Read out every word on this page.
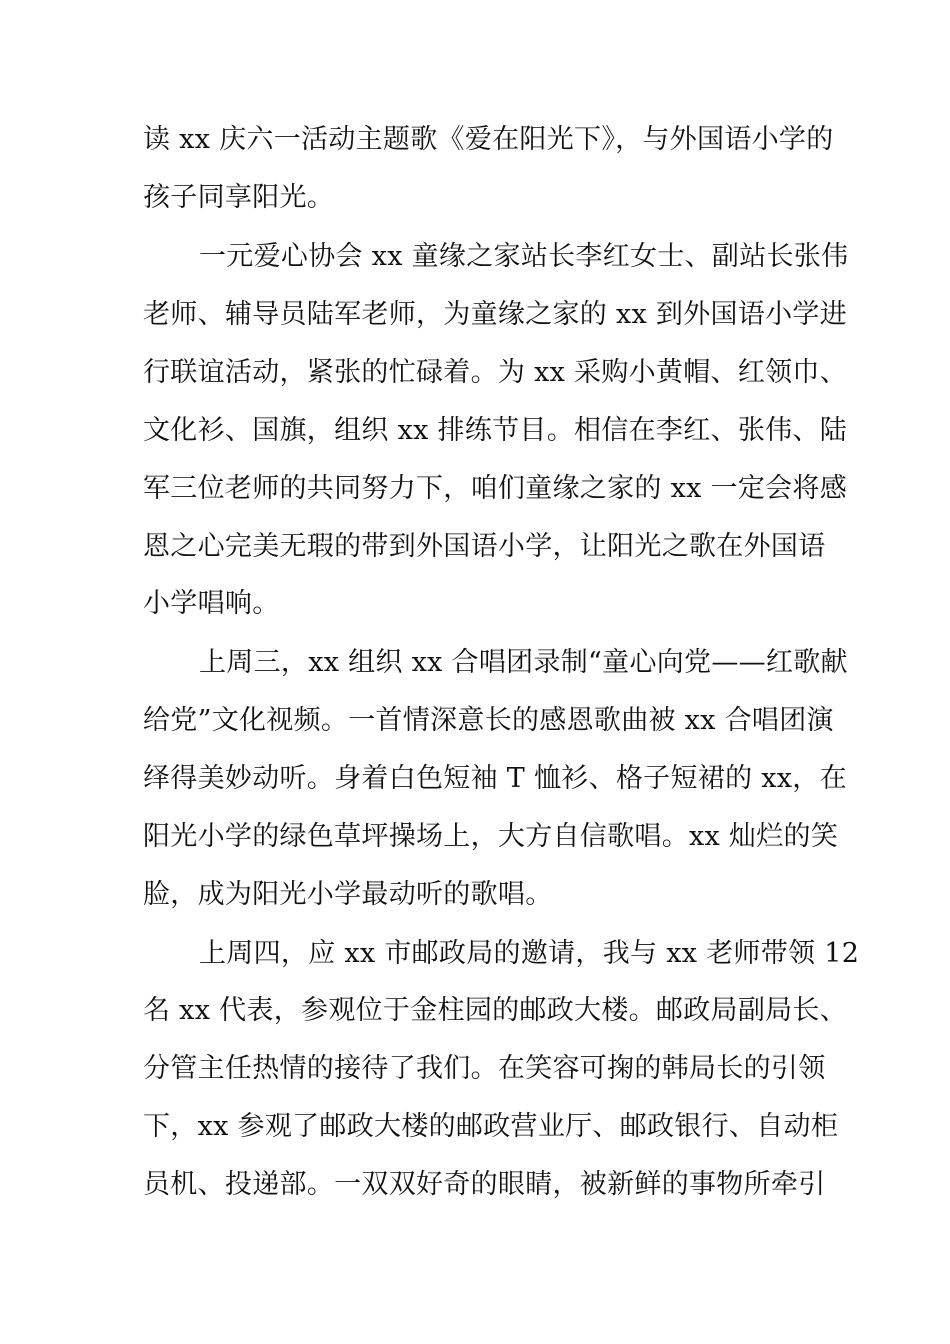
读 xx 庆六一活动主题歌《爱在阳光下》，与外国语小学的
孩子同享阳光。
一元爱心协会 xx 童缘之家站长李红女士、副站长张伟
老师、辅导员陆军老师，为童缘之家的 xx 到外国语小学进
行联谊活动，紧张的忙碌着。为 xx 采购小黄帽、红领巾、
文化衫、国旗，组织 xx 排练节目。相信在李红、张伟、陆
军三位老师的共同努力下，咱们童缘之家的 xx 一定会将感
恩之心完美无瑕的带到外国语小学，让阳光之歌在外国语
小学唱响。
上周三，xx 组织 xx 合唱团录制“童心向党——红歌献
给党”文化视频。一首情深意长的感恩歌曲被 xx 合唱团演
绎得美妙动听。身着白色短袖 T 恤衫、格子短裙的 xx，在
阳光小学的绿色草坪操场上，大方自信歌唱。xx 灿烂的笑
脸，成为阳光小学最动听的歌唱。
上周四，应 xx 市邮政局的邀请，我与 xx 老师带领 12
名 xx 代表，参观位于金柱园的邮政大楼。邮政局副局长、
分管主任热情的接待了我们。在笑容可掬的韩局长的引领
下，xx 参观了邮政大楼的邮政营业厅、邮政银行、自动柜
员机、投递部。一双双好奇的眼睛，被新鲜的事物所牵引
